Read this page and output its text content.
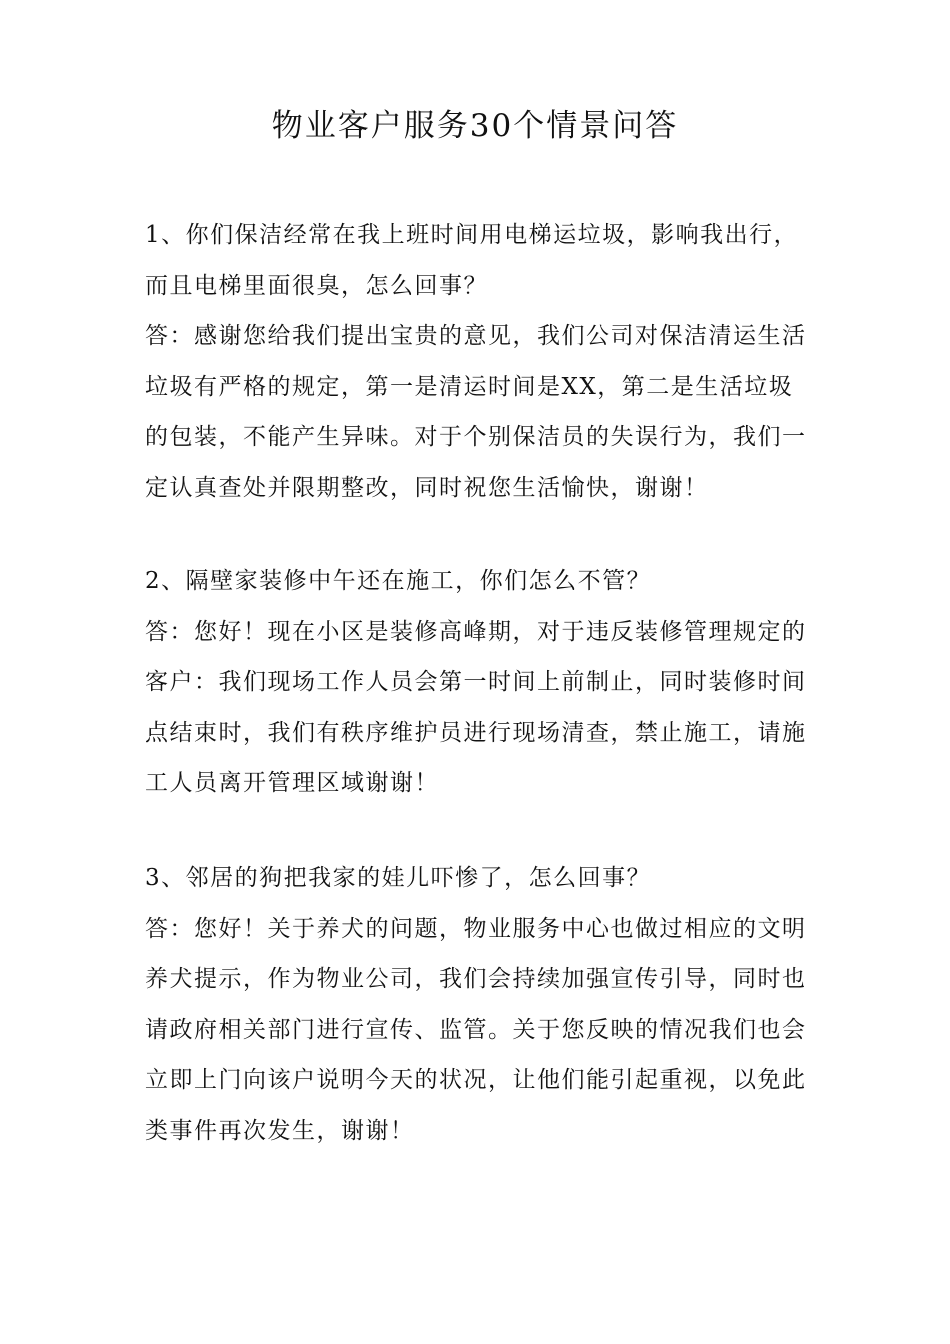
物业客户服务30个情景问答

1、你们保洁经常在我上班时间用电梯运垃圾，影响我出行，而且电梯里面很臭，怎么回事？

答：感谢您给我们提出宝贵的意见，我们公司对保洁清运生活垃圾有严格的规定，第一是清运时间是XX，第二是生活垃圾的包装，不能产生异味。对于个别保洁员的失误行为，我们一定认真查处并限期整改，同时祝您生活愉快，谢谢！

2、隔壁家装修中午还在施工，你们怎么不管？

答：您好！现在小区是装修高峰期，对于违反装修管理规定的客户：我们现场工作人员会第一时间上前制止，同时装修时间点结束时，我们有秩序维护员进行现场清查，禁止施工，请施工人员离开管理区域谢谢！

3、邻居的狗把我家的娃儿吓惨了，怎么回事？

答：您好！关于养犬的问题，物业服务中心也做过相应的文明养犬提示，作为物业公司，我们会持续加强宣传引导，同时也请政府相关部门进行宣传、监管。关于您反映的情况我们也会立即上门向该户说明今天的状况，让他们能引起重视，以免此类事件再次发生，谢谢！
